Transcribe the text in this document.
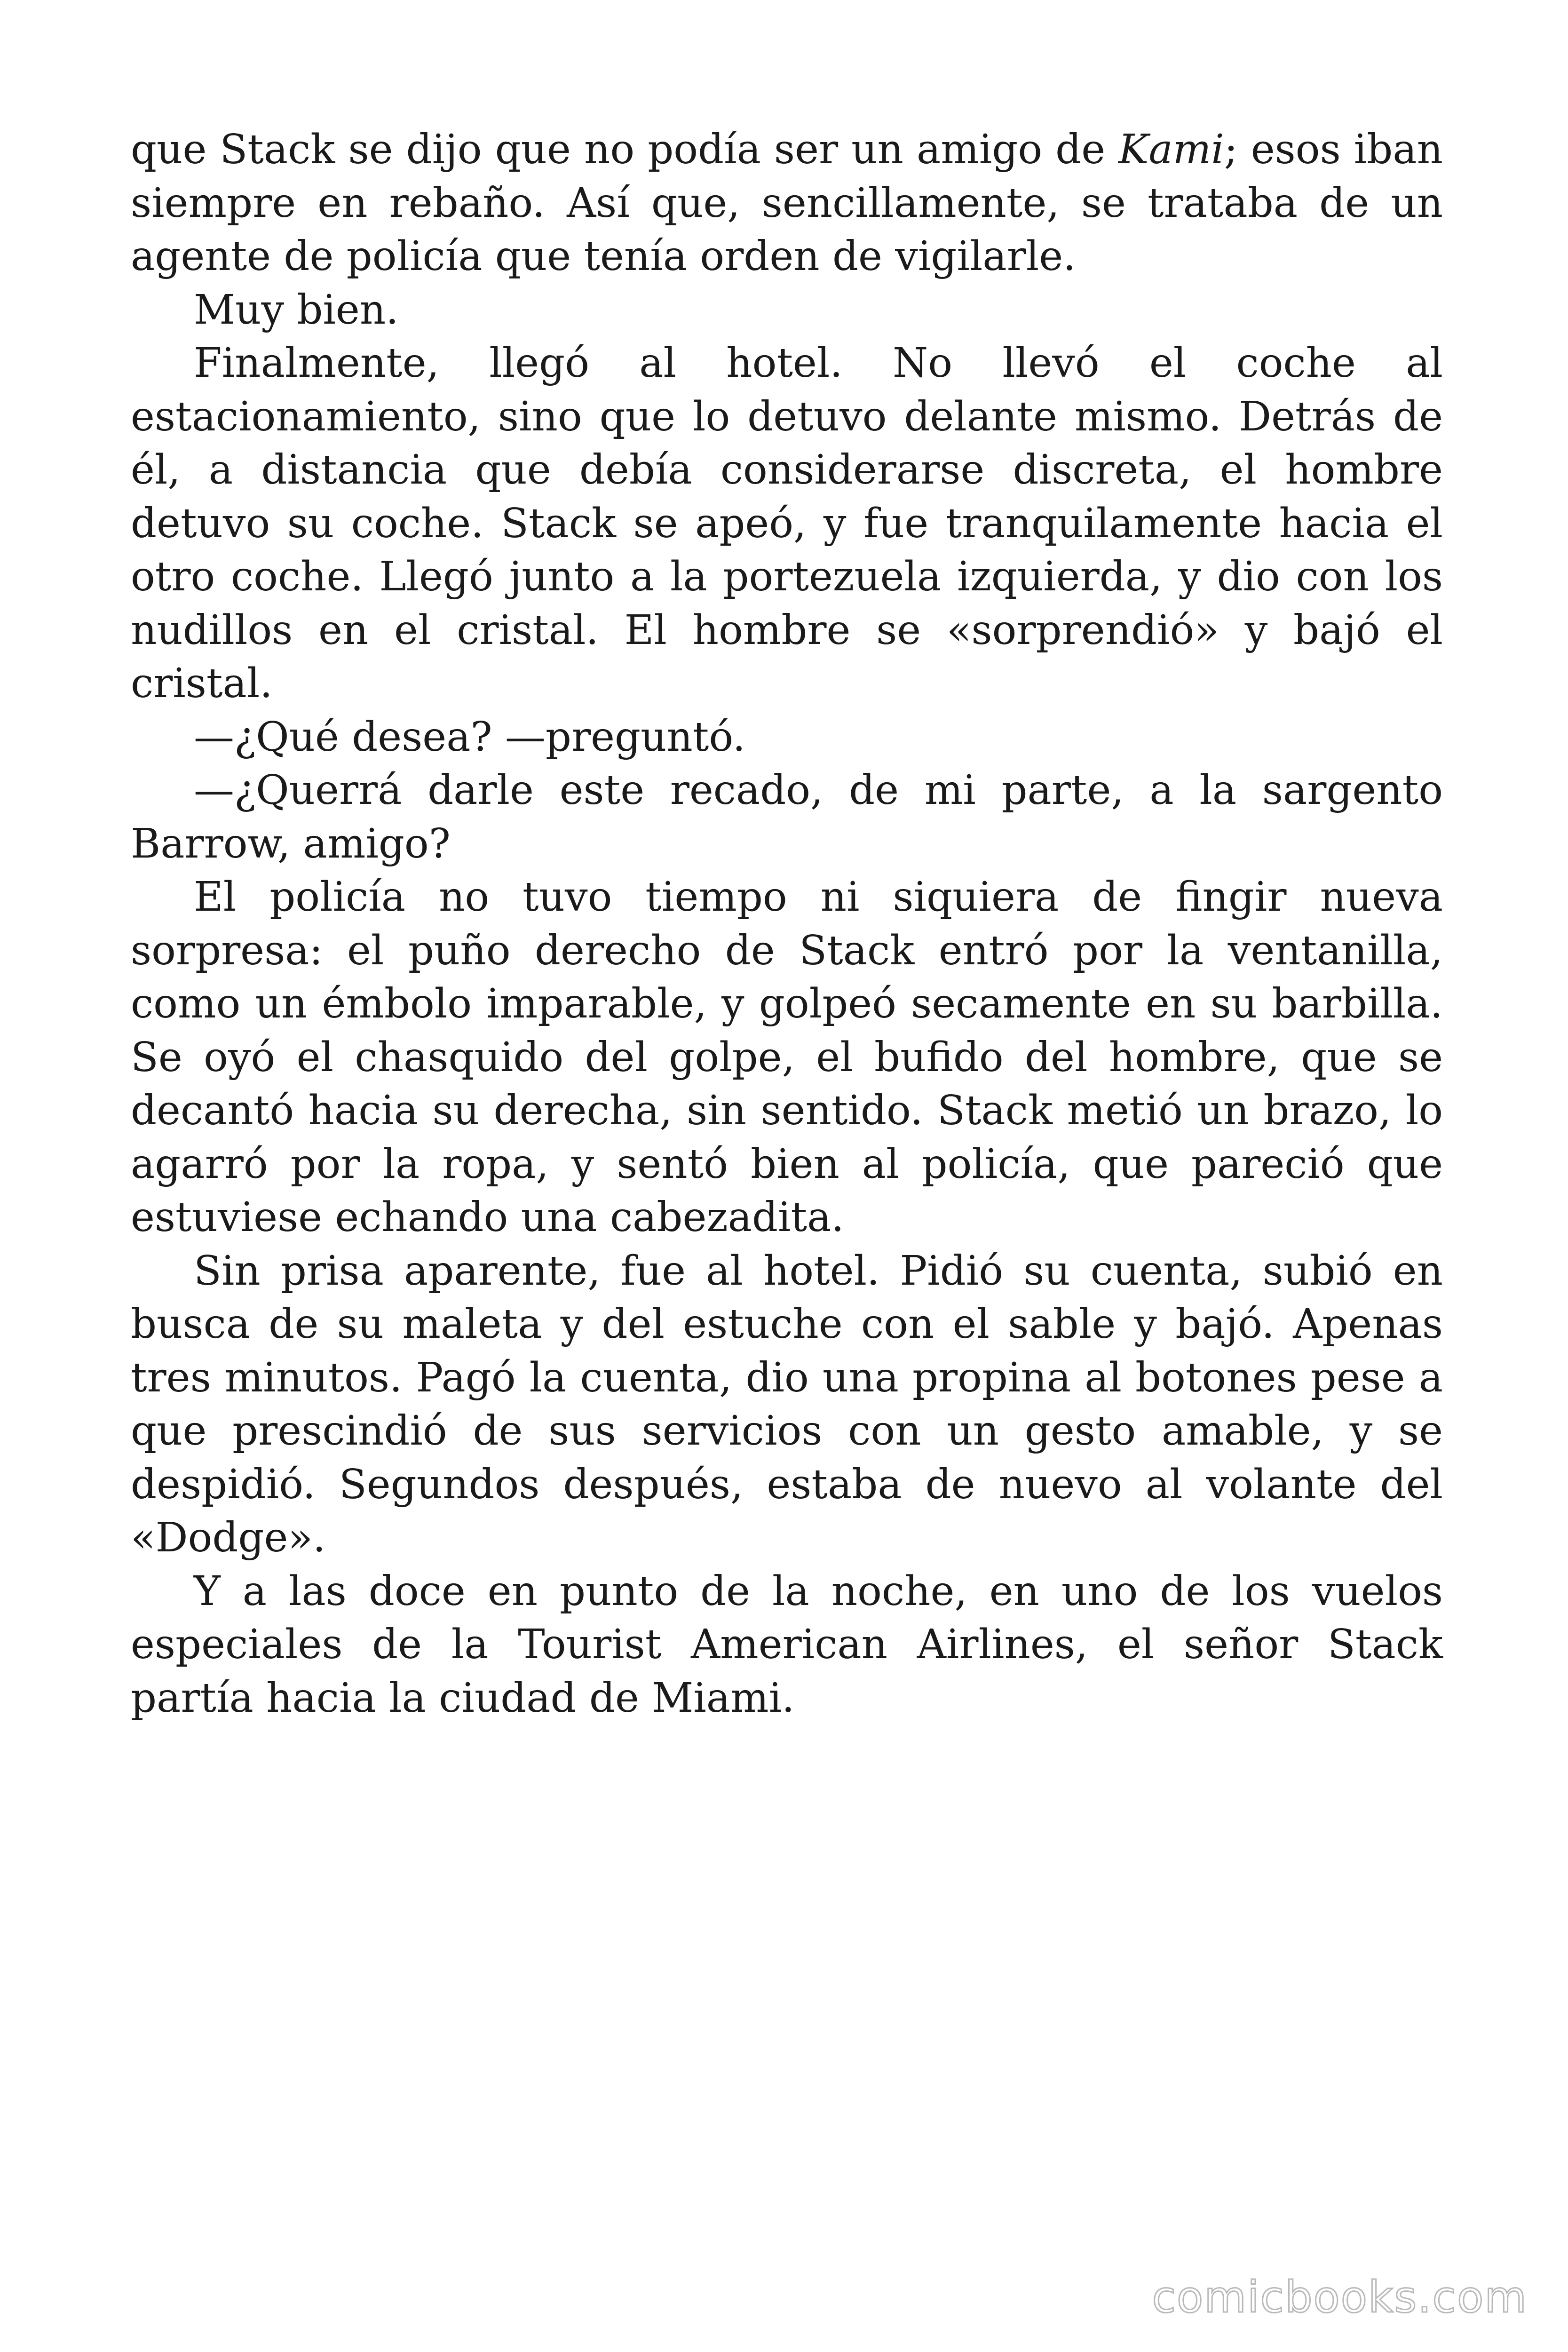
que Stack se dijo que no podía ser un amigo de Kami; esos iban siempre en rebaño. Así que, sencillamente, se trataba de un agente de policía que tenía orden de vigilarle.

Muy bien.

Finalmente, llegó al hotel. No llevó el coche al estacionamiento, sino que lo detuvo delante mismo. Detrás de él, a distancia que debía considerarse discreta, el hombre detuvo su coche. Stack se apeó, y fue tranquilamente hacia el otro coche. Llegó junto a la portezuela izquierda, y dio con los nudillos en el cristal. El hombre se «sorprendió» y bajó el cristal.

—¿Qué desea? —preguntó.

—¿Querrá darle este recado, de mi parte, a la sargento Barrow, amigo?

El policía no tuvo tiempo ni siquiera de fingir nueva sorpresa: el puño derecho de Stack entró por la ventanilla, como un émbolo imparable, y golpeó secamente en su barbilla. Se oyó el chasquido del golpe, el bufido del hombre, que se decantó hacia su derecha, sin sentido. Stack metió un brazo, lo agarró por la ropa, y sentó bien al policía, que pareció que estuviese echando una cabezadita.

Sin prisa aparente, fue al hotel. Pidió su cuenta, subió en busca de su maleta y del estuche con el sable y bajó. Apenas tres minutos. Pagó la cuenta, dio una propina al botones pese a que prescindió de sus servicios con un gesto amable, y se despidió. Segundos después, estaba de nuevo al volante del «Dodge».

Y a las doce en punto de la noche, en uno de los vuelos especiales de la Tourist American Airlines, el señor Stack partía hacia la ciudad de Miami.

comicbooks.com
